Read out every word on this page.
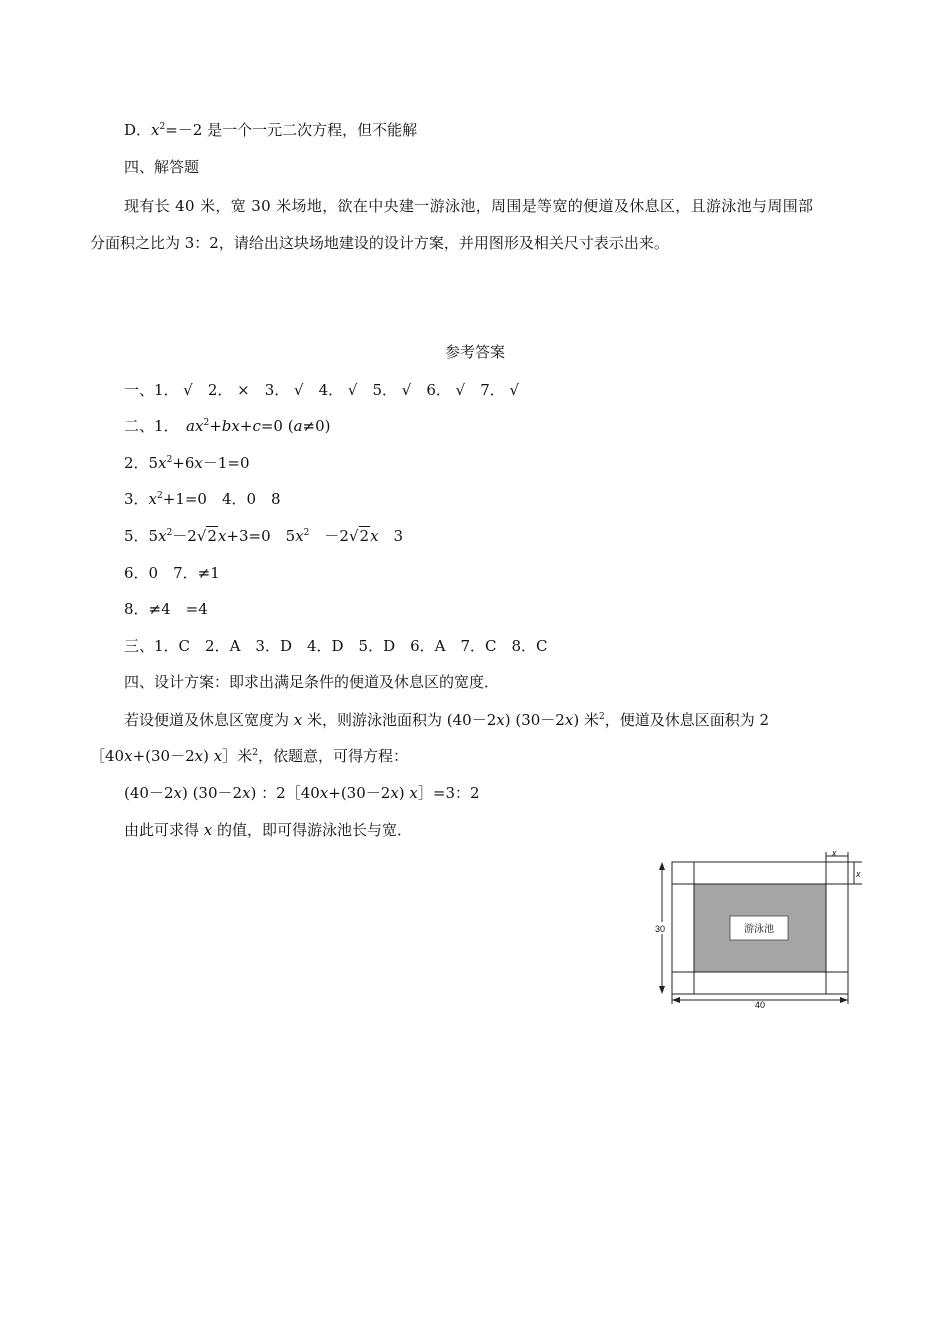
D．$x^2=-2$ 是一个一元二次方程，但不能解
四、解答题
现有长 40 米，宽 30 米场地，欲在中央建一游泳池，周围是等宽的便道及休息区，且游泳池与周围部
分面积之比为 3：2，请给出这块场地建设的设计方案，并用图形及相关尺寸表示出来。
参考答案
一、1． √　2． ×　3． √　4． √　5． √　6． √　7． √
二、1．　$ax^2+bx+c=0$ (a≠0)
2．$5x^2+6x-1=0$
3．$x^2+1=0$　4．0　8
5．$5x^2-2√2x+3=0$　$5x^2$　－2√2x　3
6．0　7．≠1
8．≠4　=4
三、1．C　2．A　3．D　4．D　5．D　6．A　7．C　8．C
四、设计方案：即求出满足条件的便道及休息区的宽度．
若设便道及休息区宽度为 x 米，则游泳池面积为 (40－2x) (30－2x) 米$^2$，便道及休息区面积为 2
［40x+(30－2x) x］米$^2$，依题意，可得方程：
(40－2x) (30－2x) ：2［40x+(30－2x) x］=3：2
由此可求得 x 的值，即可得游泳池长与宽．
游泳池
30
40
x
x
